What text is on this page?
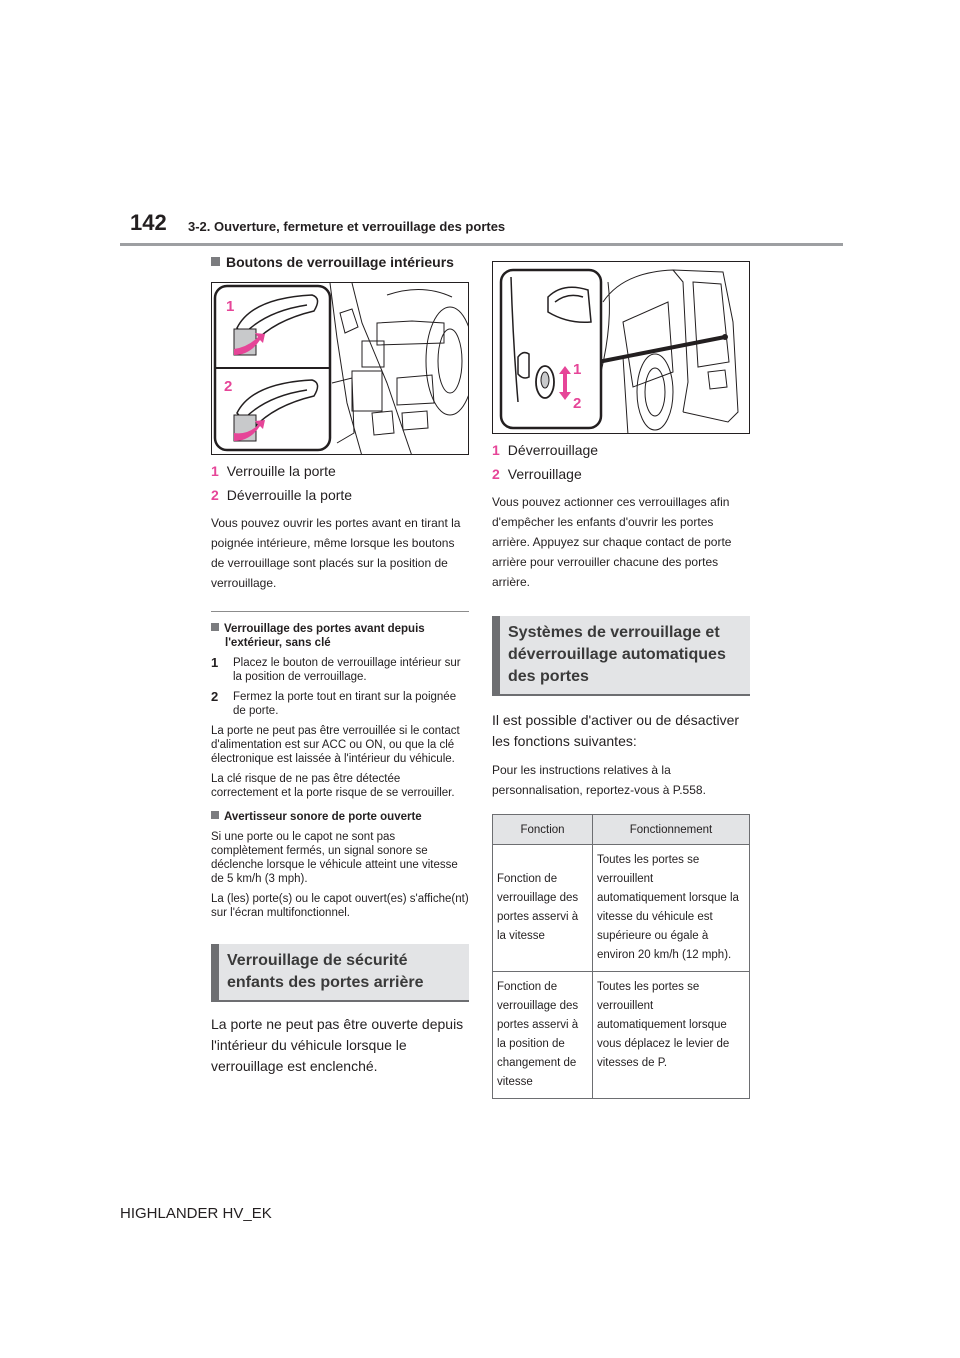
142 3-2. Ouverture, fermeture et verrouillage des portes
Boutons de verrouillage intérieurs
1
2
1 Verrouille la porte
2 Déverrouille la porte

Vous pouvez ouvrir les portes avant en tirant la poignée intérieure, même lorsque les boutons de verrouillage sont placés sur la position de verrouillage.

Verrouillage des portes avant depuis l'extérieur, sans clé
1 Placez le bouton de verrouillage intérieur sur la position de verrouillage.
2 Fermez la porte tout en tirant sur la poignée de porte.

La porte ne peut pas être verrouillée si le contact d'alimentation est sur ACC ou ON, ou que la clé électronique est laissée à l'intérieur du véhicule.

La clé risque de ne pas être détectée correctement et la porte risque de se verrouiller.

Avertisseur sonore de porte ouverte

Si une porte ou le capot ne sont pas complètement fermés, un signal sonore se déclenche lorsque le véhicule atteint une vitesse de 5 km/h (3 mph).

La (les) porte(s) ou le capot ouvert(es) s'affiche(nt) sur l'écran multifonctionnel.

Verrouillage de sécurité enfants des portes arrière

La porte ne peut pas être ouverte depuis l'intérieur du véhicule lorsque le verrouillage est enclenché.

1
2
1 Déverrouillage
2 Verrouillage

Vous pouvez actionner ces verrouillages afin d'empêcher les enfants d'ouvrir les portes arrière. Appuyez sur chaque contact de porte arrière pour verrouiller chacune des portes arrière.

Systèmes de verrouillage et déverrouillage automatiques des portes

Il est possible d'activer ou de désactiver les fonctions suivantes:

Pour les instructions relatives à la personnalisation, reportez-vous à P.558.

Fonction	Fonctionnement
Fonction de verrouillage des portes asservi à la vitesse	Toutes les portes se verrouillent automatiquement lorsque la vitesse du véhicule est supérieure ou égale à environ 20 km/h (12 mph).
Fonction de verrouillage des portes asservi à la position de changement de vitesse	Toutes les portes se verrouillent automatiquement lorsque vous déplacez le levier de vitesses de P.
HIGHLANDER HV_EK
